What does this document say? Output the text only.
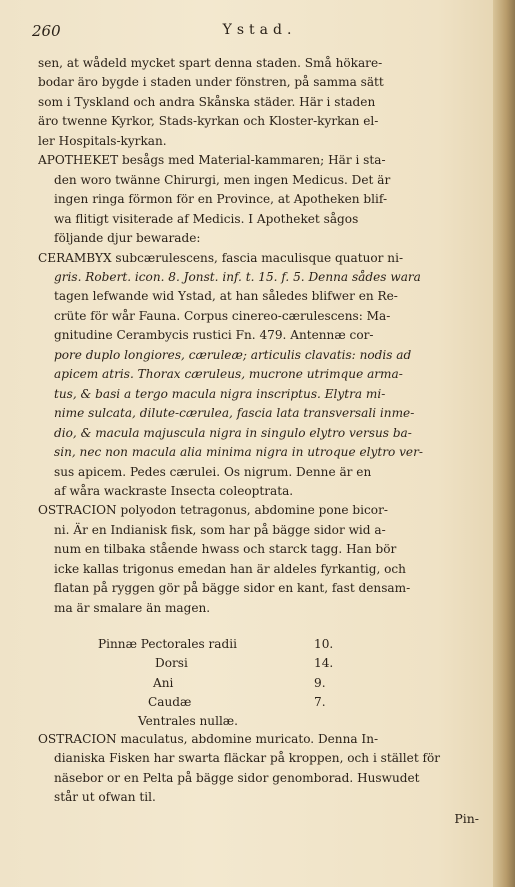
260	Ystad.
sen, at wådeld mycket spart denna staden. Små hökare-
bodar äro bygde i staden under fönstren, på samma sätt
som i Tyskland och andra Skånska städer. Här i staden
äro twenne Kyrkor, Stads-kyrkan och Kloster-kyrkan el-
ler Hospitals-kyrkan.
APOTHEKET besågs med Material-kammaren; Här i sta-
den woro twänne Chirurgi, men ingen Medicus. Det är
ingen ringa förmon för en Province, at Apotheken blif-
wa flitigt visiterade af Medicis. I Apotheket sågos
följande djur bewarade:
CERAMBYX subcærulescens, fascia maculisque quatuor ni-
gris. Robert. icon. 8. Jonst. inf. t. 15. f. 5. Denna sådes wara
tagen lefwande wid Ystad, at han således blifwer en Re-
crüte för wår Fauna. Corpus cinereo-cærulescens: Ma-
gnitudine Cerambycis rustici Fn. 479. Antennæ cor-
pore duplo longiores, cæruleæ; articulis clavatis: nodis ad
apicem atris. Thorax cæruleus, mucrone utrimque arma-
tus, & basi a tergo macula nigra inscriptus. Elytra mi-
nime sulcata, dilute-cærulea, fascia lata transversali inme-
dio, & macula majuscula nigra in singulo elytro versus ba-
sin, nec non macula alia minima nigra in utroque elytro ver-
sus apicem. Pedes cærulei. Os nigrum. Denne är en
af wåra wackraste Insecta coleoptrata.
OSTRACION polyodon tetragonus, abdomine pone bicor-
ni. Är en Indianisk fisk, som har på bägge sidor wid a-
num en tilbaka stående hwass och starck tagg. Han bör
icke kallas trigonus emedan han är aldeles fyrkantig, och
flatan på ryggen gör på bägge sidor en kant, fast densam-
ma är smalare än magen.
Pinnæ Pectorales radii	10.
Dorsi	14.
Ani	9.
Caudæ	7.
Ventrales nullæ.
OSTRACION maculatus, abdomine muricato. Denna In-
dianiska Fisken har swarta fläckar på kroppen, och i stället för
näsebor or en Pelta på bägge sidor genomborad. Huswudet
står ut ofwan til.
Pin-
